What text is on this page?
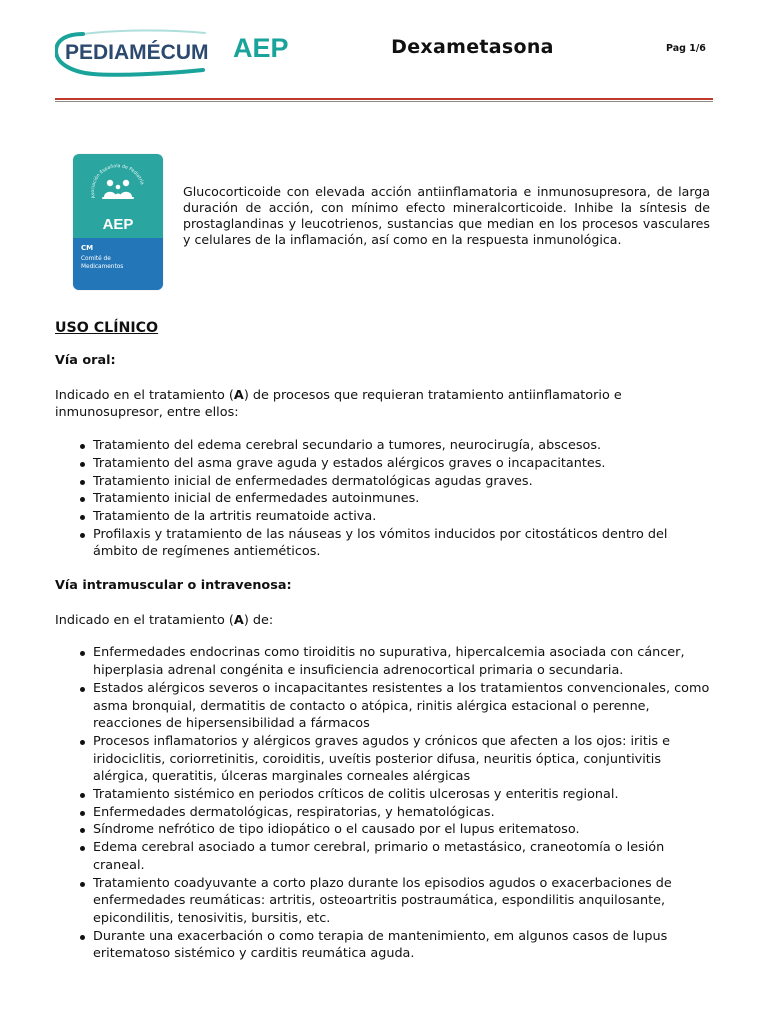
PEDIAMÉCUM AEP	Dexametasona	Pag 1/6
Asociación Española de Pediatría
AEP
CM
Comité de
Medicamentos

Glucocorticoide con elevada acción antiinflamatoria e inmunosupresora, de larga duración de acción, con mínimo efecto mineralcorticoide. Inhibe la síntesis de prostaglandinas y leucotrienos, sustancias que median en los procesos vasculares y celulares de la inflamación, así como en la respuesta inmunológica.

USO CLÍNICO
Vía oral:

Indicado en el tratamiento (A) de procesos que requieran tratamiento antiinflamatorio e inmunosupresor, entre ellos:

Tratamiento del edema cerebral secundario a tumores, neurocirugía, abscesos.
Tratamiento del asma grave aguda y estados alérgicos graves o incapacitantes.
Tratamiento inicial de enfermedades dermatológicas agudas graves.
Tratamiento inicial de enfermedades autoinmunes.
Tratamiento de la artritis reumatoide activa.
Profilaxis y tratamiento de las náuseas y los vómitos inducidos por citostáticos dentro del ámbito de regímenes antieméticos.
Vía intramuscular o intravenosa:

Indicado en el tratamiento (A) de:

Enfermedades endocrinas como tiroiditis no supurativa, hipercalcemia asociada con cáncer, hiperplasia adrenal congénita e insuficiencia adrenocortical primaria o secundaria.
Estados alérgicos severos o incapacitantes resistentes a los tratamientos convencionales, como asma bronquial, dermatitis de contacto o atópica, rinitis alérgica estacional o perenne, reacciones de hipersensibilidad a fármacos
Procesos inflamatorios y alérgicos graves agudos y crónicos que afecten a los ojos: iritis e iridociclitis, coriorretinitis, coroiditis, uveítis posterior difusa, neuritis óptica, conjuntivitis alérgica, queratitis, úlceras marginales corneales alérgicas
Tratamiento sistémico en periodos críticos de colitis ulcerosas y enteritis regional.
Enfermedades dermatológicas, respiratorias, y hematológicas.
Síndrome nefrótico de tipo idiopático o el causado por el lupus eritematoso.
Edema cerebral asociado a tumor cerebral, primario o metastásico, craneotomía o lesión craneal.
Tratamiento coadyuvante a corto plazo durante los episodios agudos o exacerbaciones de enfermedades reumáticas: artritis, osteoartritis postraumática, espondilitis anquilosante, epicondilitis, tenosivitis, bursitis, etc.
Durante una exacerbación o como terapia de mantenimiento, em algunos casos de lupus eritematoso sistémico y carditis reumática aguda.
